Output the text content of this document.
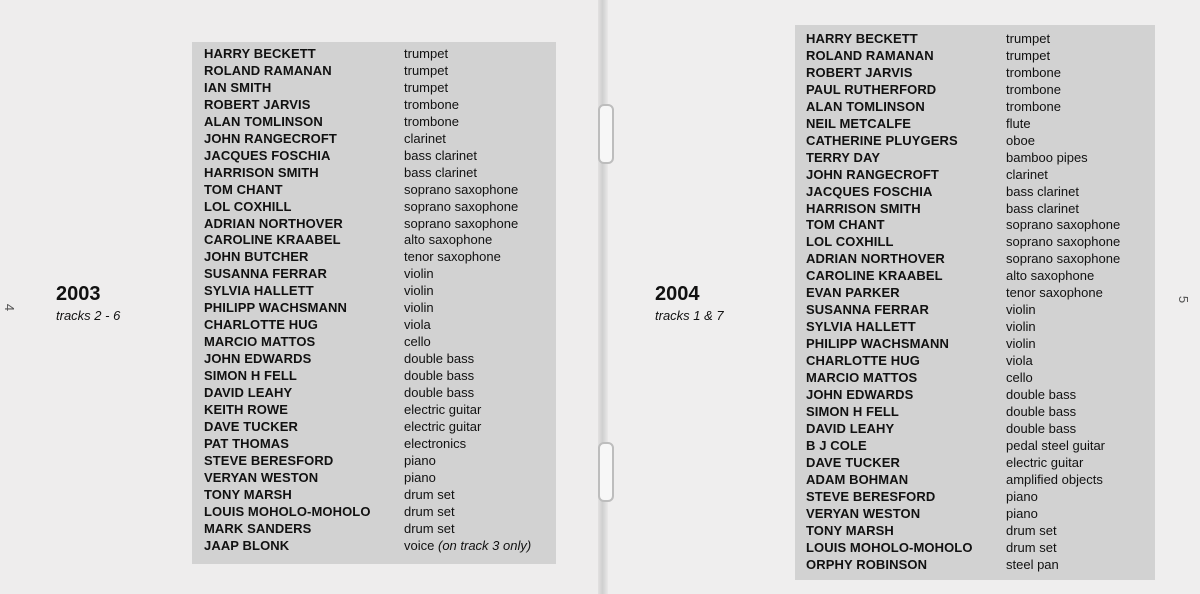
4
5
2003
tracks 2 - 6
2004
tracks 1 & 7
HARRY BECKETT	trumpet
ROLAND RAMANAN	trumpet
IAN SMITH	trumpet
ROBERT JARVIS	trombone
ALAN TOMLINSON	trombone
JOHN RANGECROFT	clarinet
JACQUES FOSCHIA	bass clarinet
HARRISON SMITH	bass clarinet
TOM CHANT	soprano saxophone
LOL COXHILL	soprano saxophone
ADRIAN NORTHOVER	soprano saxophone
CAROLINE KRAABEL	alto saxophone
JOHN BUTCHER	tenor saxophone
SUSANNA FERRAR	violin
SYLVIA HALLETT	violin
PHILIPP WACHSMANN	violin
CHARLOTTE HUG	viola
MARCIO MATTOS	cello
JOHN EDWARDS	double bass
SIMON H FELL	double bass
DAVID LEAHY	double bass
KEITH ROWE	electric guitar
DAVE TUCKER	electric guitar
PAT THOMAS	electronics
STEVE BERESFORD	piano
VERYAN WESTON	piano
TONY MARSH	drum set
LOUIS MOHOLO-MOHOLO	drum set
MARK SANDERS	drum set
JAAP BLONK	voice (on track 3 only)
HARRY BECKETT	trumpet
ROLAND RAMANAN	trumpet
ROBERT JARVIS	trombone
PAUL RUTHERFORD	trombone
ALAN TOMLINSON	trombone
NEIL METCALFE	flute
CATHERINE PLUYGERS	oboe
TERRY DAY	bamboo pipes
JOHN RANGECROFT	clarinet
JACQUES FOSCHIA	bass clarinet
HARRISON SMITH	bass clarinet
TOM CHANT	soprano saxophone
LOL COXHILL	soprano saxophone
ADRIAN NORTHOVER	soprano saxophone
CAROLINE KRAABEL	alto saxophone
EVAN PARKER	tenor saxophone
SUSANNA FERRAR	violin
SYLVIA HALLETT	violin
PHILIPP WACHSMANN	violin
CHARLOTTE HUG	viola
MARCIO MATTOS	cello
JOHN EDWARDS	double bass
SIMON H FELL	double bass
DAVID LEAHY	double bass
B J COLE	pedal steel guitar
DAVE TUCKER	electric guitar
ADAM BOHMAN	amplified objects
STEVE BERESFORD	piano
VERYAN WESTON	piano
TONY MARSH	drum set
LOUIS MOHOLO-MOHOLO	drum set
ORPHY ROBINSON	steel pan
